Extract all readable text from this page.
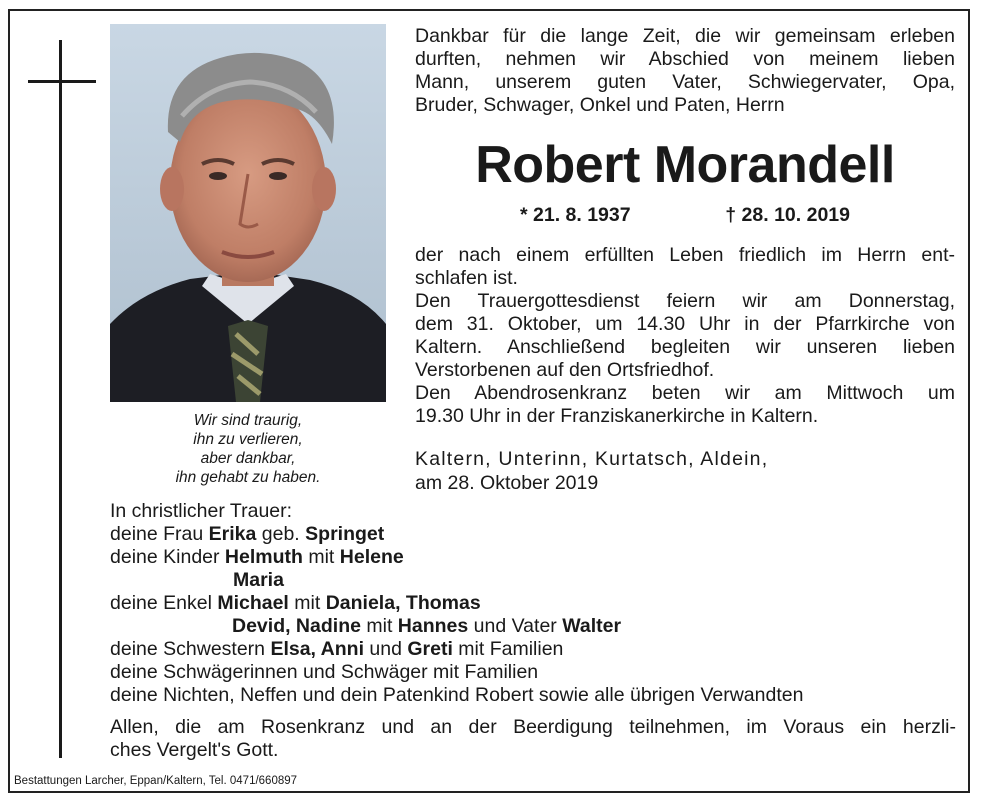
Wir sind traurig,
ihn zu verlieren,
aber dankbar,
ihn gehabt zu haben.
Dankbar für die lange Zeit, die wir gemeinsam erleben
durften, nehmen wir Abschied von meinem lieben
Mann, unserem guten Vater, Schwiegervater, Opa,
Bruder, Schwager, Onkel und Paten, Herrn
Robert Morandell
* 21. 8. 1937	† 28. 10. 2019
der nach einem erfüllten Leben friedlich im Herrn ent-
schlafen ist.
Den Trauergottesdienst feiern wir am Donnerstag,
dem 31. Oktober, um 14.30 Uhr in der Pfarrkirche von
Kaltern. Anschließend begleiten wir unseren lieben
Verstorbenen auf den Ortsfriedhof.
Den Abendrosenkranz beten wir am Mittwoch um
19.30 Uhr in der Franziskanerkirche in Kaltern.
Kaltern, Unterinn, Kurtatsch, Aldein,
am 28. Oktober 2019
In christlicher Trauer:
deine Frau Erika geb. Springet
deine Kinder Helmuth mit Helene
Maria
deine Enkel Michael mit Daniela, Thomas
Devid, Nadine mit Hannes und Vater Walter
deine Schwestern Elsa, Anni und Greti mit Familien
deine Schwägerinnen und Schwäger mit Familien
deine Nichten, Neffen und dein Patenkind Robert sowie alle übrigen Verwandten
Allen, die am Rosenkranz und an der Beerdigung teilnehmen, im Voraus ein herzli-
ches Vergelt's Gott.
Bestattungen Larcher, Eppan/Kaltern, Tel. 0471/660897
